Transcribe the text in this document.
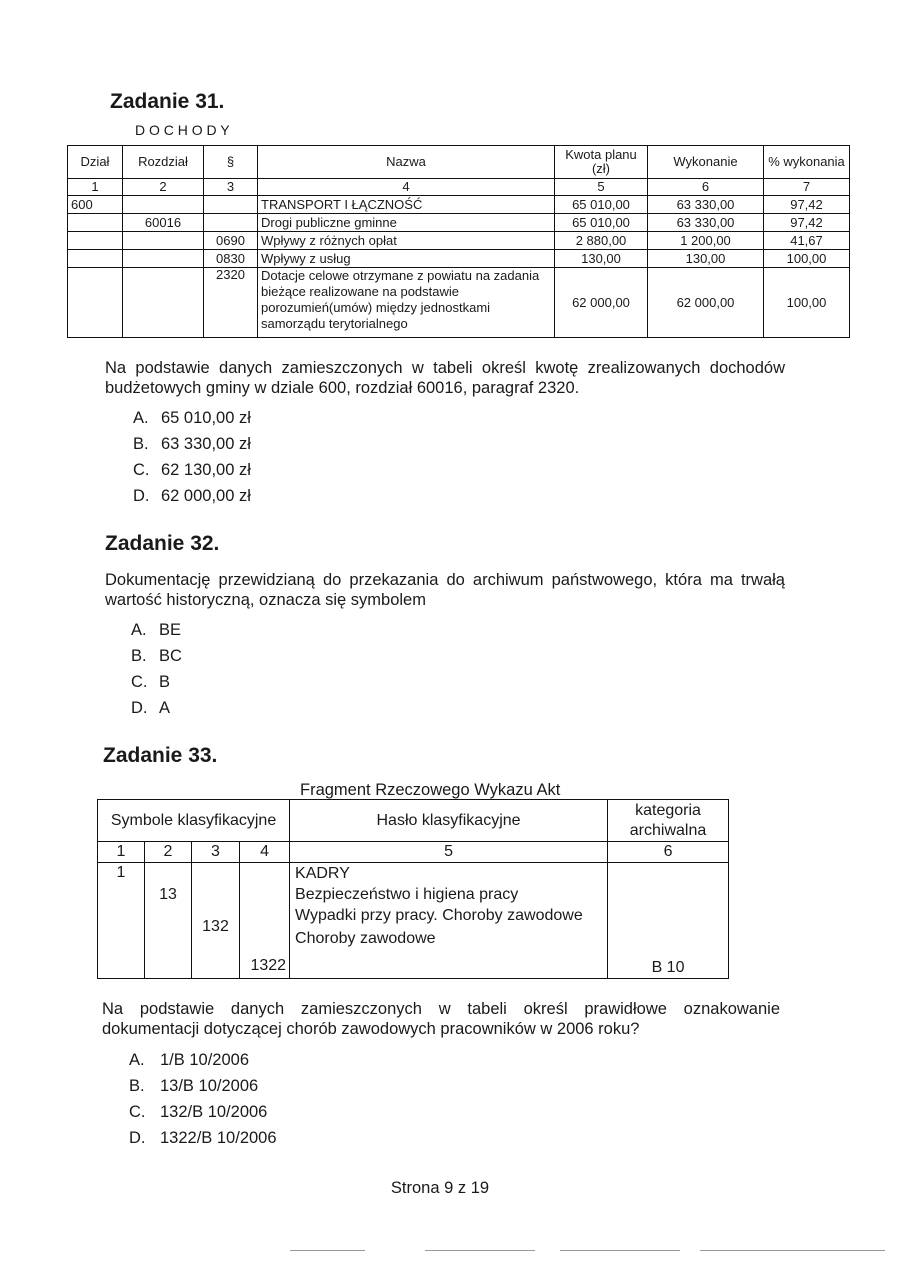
Zadanie 31.
D O C H O D Y
Dział	Rozdział	§	Nazwa	Kwota planu (zł)	Wykonanie	% wykonania
1	2	3	4	5	6	7
600			TRANSPORT I ŁĄCZNOŚĆ	65 010,00	63 330,00	97,42
	60016		Drogi publiczne gminne	65 010,00	63 330,00	97,42
		0690	Wpływy z różnych opłat	2 880,00	1 200,00	41,67
		0830	Wpływy z usług	130,00	130,00	100,00
		2320	Dotacje celowe otrzymane z powiatu na zadania bieżące realizowane na podstawie porozumień(umów) między jednostkami samorządu terytorialnego	62 000,00	62 000,00	100,00
Na podstawie danych zamieszczonych w tabeli określ kwotę zrealizowanych dochodów budżetowych gminy w dziale 600, rozdział 60016, paragraf 2320.
A. 65 010,00 zł
B. 63 330,00 zł
C. 62 130,00 zł
D. 62 000,00 zł
Zadanie 32.
Dokumentację przewidzianą do przekazania do archiwum państwowego, która ma trwałą wartość historyczną, oznacza się symbolem
A. BE
B. BC
C. B
D. A
Zadanie 33.
Fragment Rzeczowego Wykazu Akt
Symbole klasyfikacyjne				Hasło klasyfikacyjne	kategoria archiwalna
1	2	3	4	5	6
1	13	132	1322	KADRY
Bezpieczeństwo i higiena pracy
Wypadki przy pracy. Choroby zawodowe
Choroby zawodowe	B 10
Na podstawie danych zamieszczonych w tabeli określ prawidłowe oznakowanie dokumentacji dotyczącej chorób zawodowych pracowników w 2006 roku?
A. 1/B 10/2006
B. 13/B 10/2006
C. 132/B 10/2006
D. 1322/B 10/2006
Strona 9 z 19
